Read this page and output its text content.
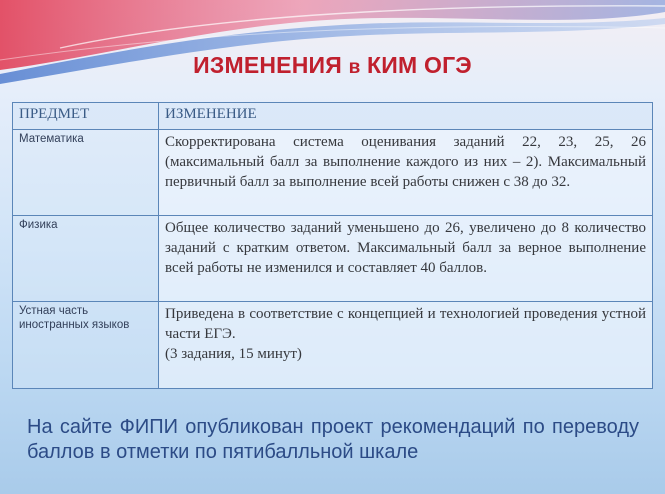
ИЗМЕНЕНИЯ в КИМ ОГЭ
ПРЕДМЕТ	ИЗМЕНЕНИЕ
Математика	Скорректирована система оценивания заданий 22, 23, 25, 26 (максимальный балл за выполнение каждого из них – 2). Максимальный первичный балл за выполнение всей работы снижен с 38 до 32.
Физика	Общее количество заданий уменьшено до 26, увеличено до 8 количество заданий с кратким ответом. Максимальный балл за верное выполнение всей работы не изменился и составляет 40 баллов.
Устная часть иностранных языков	Приведена в соответствие с концепцией и технологией проведения устной части ЕГЭ.
(3 задания, 15 минут)
На сайте ФИПИ опубликован проект рекомендаций по переводу баллов в отметки по пятибалльной шкале
